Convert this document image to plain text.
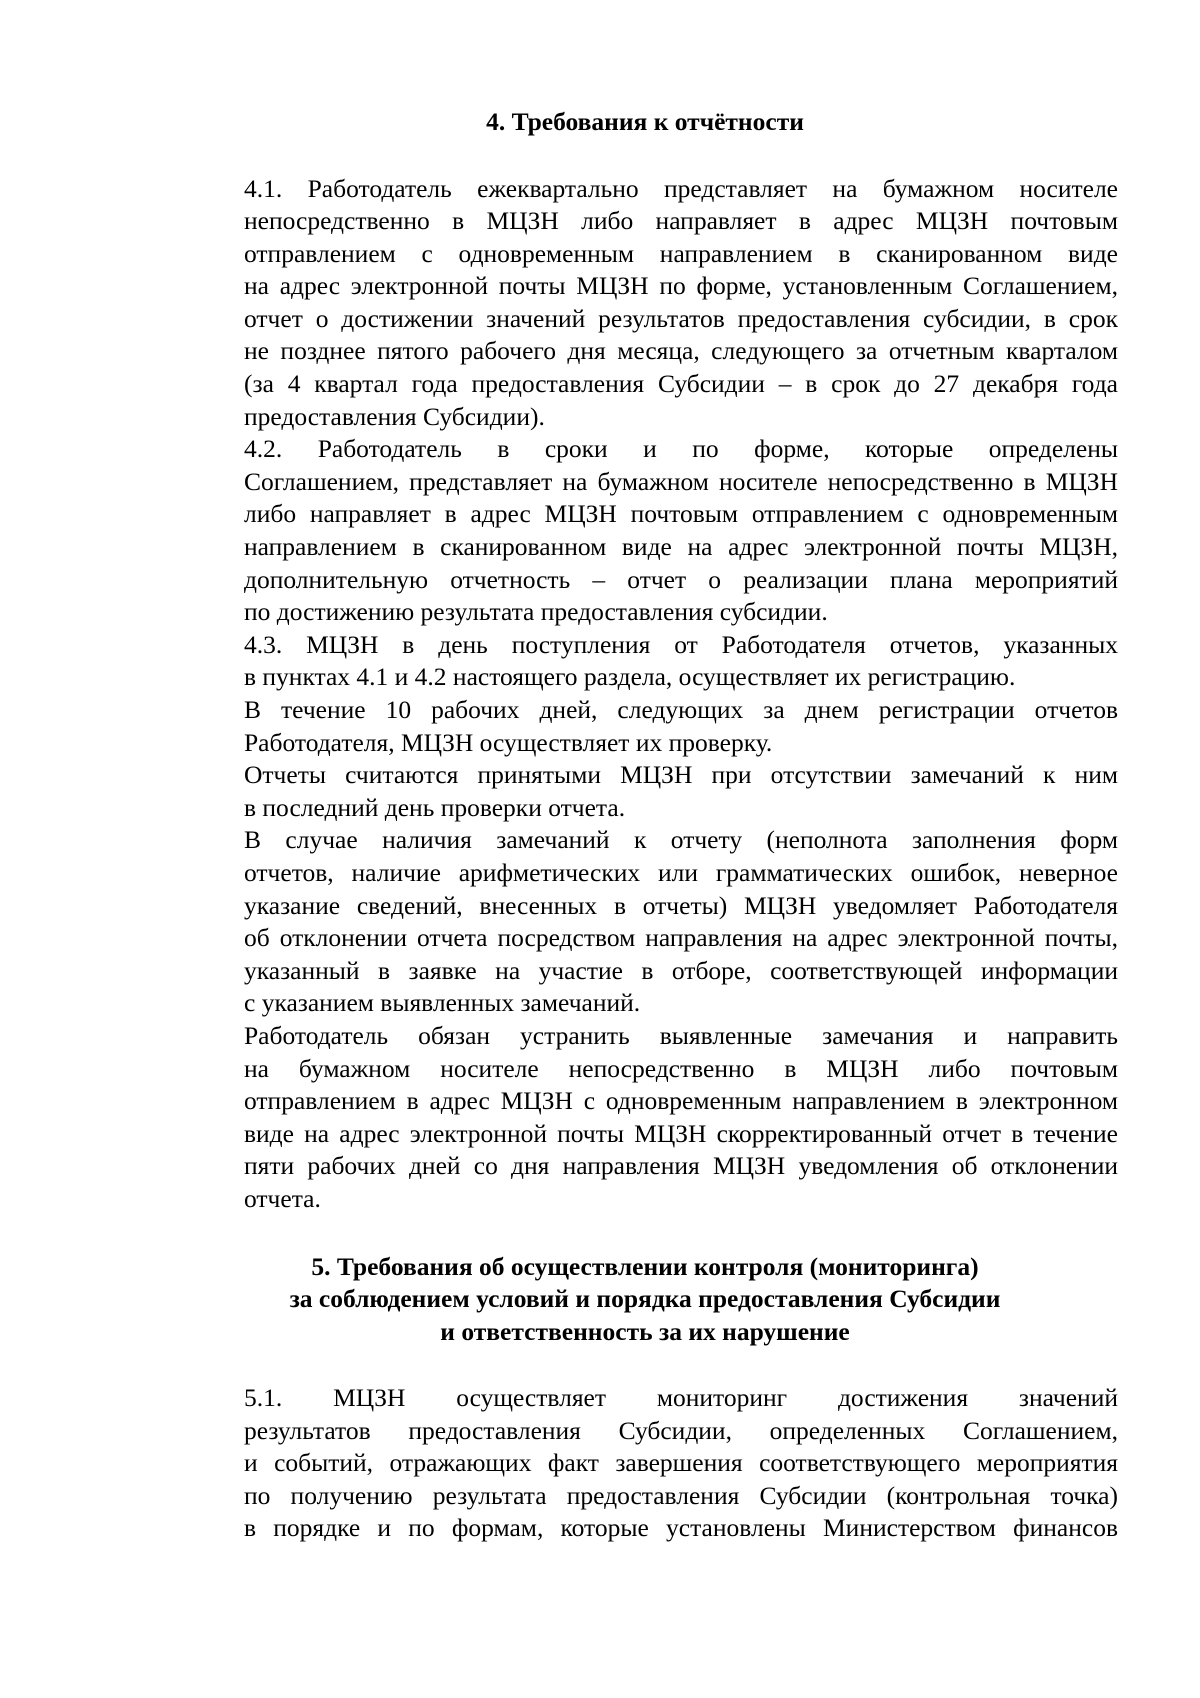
4. Требования к отчётности

4.1. Работодатель ежеквартально представляет на бумажном носителе
непосредственно в МЦЗН либо направляет в адрес МЦЗН почтовым
отправлением с одновременным направлением в сканированном виде
на адрес электронной почты МЦЗН по форме, установленным Соглашением,
отчет о достижении значений результатов предоставления субсидии, в срок
не позднее пятого рабочего дня месяца, следующего за отчетным кварталом
(за 4 квартал года предоставления Субсидии – в срок до 27 декабря года
предоставления Субсидии).

4.2. Работодатель в сроки и по форме, которые определены
Соглашением, представляет на бумажном носителе непосредственно в МЦЗН
либо направляет в адрес МЦЗН почтовым отправлением с одновременным
направлением в сканированном виде на адрес электронной почты МЦЗН,
дополнительную отчетность – отчет о реализации плана мероприятий
по достижению результата предоставления субсидии.

4.3. МЦЗН в день поступления от Работодателя отчетов, указанных
в пунктах 4.1 и 4.2 настоящего раздела, осуществляет их регистрацию.

В течение 10 рабочих дней, следующих за днем регистрации отчетов
Работодателя, МЦЗН осуществляет их проверку.

Отчеты считаются принятыми МЦЗН при отсутствии замечаний к ним
в последний день проверки отчета.

В случае наличия замечаний к отчету (неполнота заполнения форм
отчетов, наличие арифметических или грамматических ошибок, неверное
указание сведений, внесенных в отчеты) МЦЗН уведомляет Работодателя
об отклонении отчета посредством направления на адрес электронной почты,
указанный в заявке на участие в отборе, соответствующей информации
с указанием выявленных замечаний.

Работодатель обязан устранить выявленные замечания и направить
на бумажном носителе непосредственно в МЦЗН либо почтовым
отправлением в адрес МЦЗН с одновременным направлением в электронном
виде на адрес электронной почты МЦЗН скорректированный отчет в течение
пяти рабочих дней со дня направления МЦЗН уведомления об отклонении
отчета.

5. Требования об осуществлении контроля (мониторинга)
за соблюдением условий и порядка предоставления Субсидии
и ответственность за их нарушение

5.1. МЦЗН осуществляет мониторинг достижения значений
результатов предоставления Субсидии, определенных Соглашением,
и событий, отражающих факт завершения соответствующего мероприятия
по получению результата предоставления Субсидии (контрольная точка)
в порядке и по формам, которые установлены Министерством финансов
